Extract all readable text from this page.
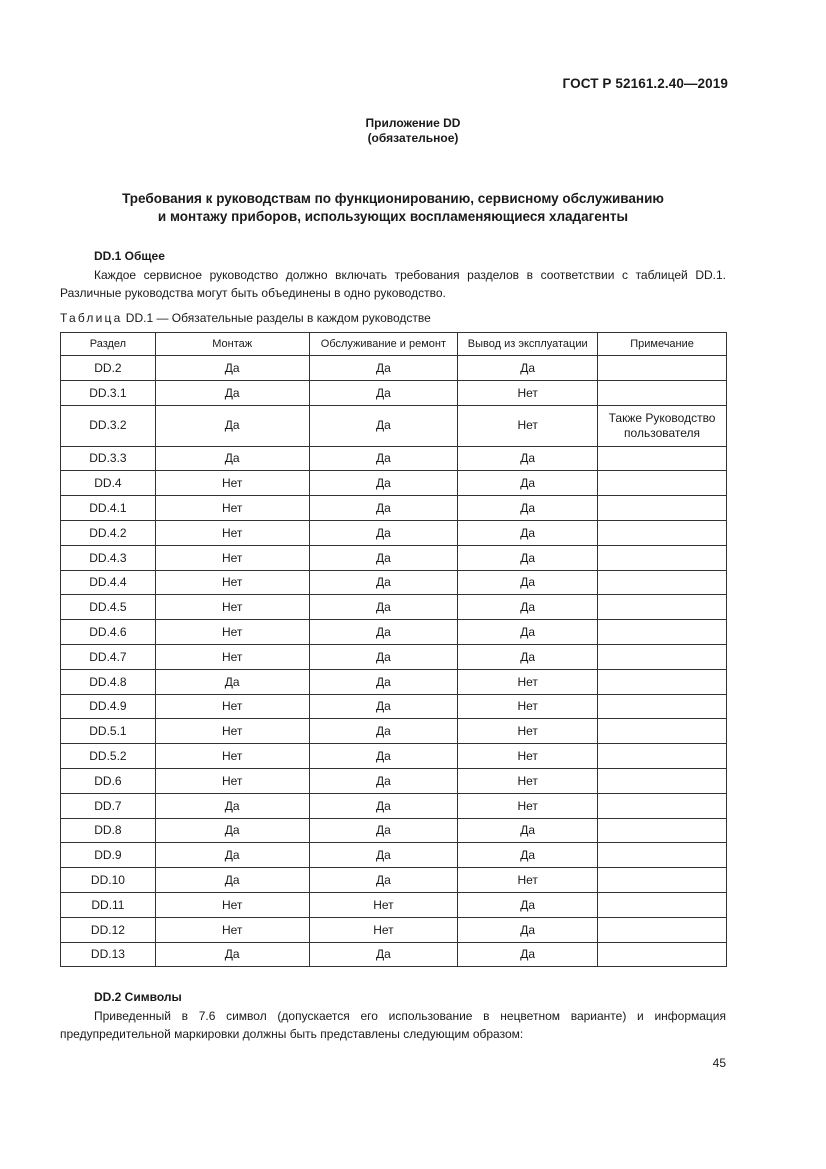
ГОСТ Р 52161.2.40—2019
Приложение DD
(обязательное)
Требования к руководствам по функционированию, сервисному обслуживанию
и монтажу приборов, использующих воспламеняющиеся хладагенты
DD.1 Общее
Каждое сервисное руководство должно включать требования разделов в соответствии с таблицей DD.1. Различные руководства могут быть объединены в одно руководство.
Таблица DD.1 — Обязательные разделы в каждом руководстве
Раздел	Монтаж	Обслуживание и ремонт	Вывод из эксплуатации	Примечание
DD.2	Да	Да	Да	
DD.3.1	Да	Да	Нет	
DD.3.2	Да	Да	Нет	Также Руководство пользователя
DD.3.3	Да	Да	Да	
DD.4	Нет	Да	Да	
DD.4.1	Нет	Да	Да	
DD.4.2	Нет	Да	Да	
DD.4.3	Нет	Да	Да	
DD.4.4	Нет	Да	Да	
DD.4.5	Нет	Да	Да	
DD.4.6	Нет	Да	Да	
DD.4.7	Нет	Да	Да	
DD.4.8	Да	Да	Нет	
DD.4.9	Нет	Да	Нет	
DD.5.1	Нет	Да	Нет	
DD.5.2	Нет	Да	Нет	
DD.6	Нет	Да	Нет	
DD.7	Да	Да	Нет	
DD.8	Да	Да	Да	
DD.9	Да	Да	Да	
DD.10	Да	Да	Нет	
DD.11	Нет	Нет	Да	
DD.12	Нет	Нет	Да	
DD.13	Да	Да	Да	
DD.2 Символы
Приведенный в 7.6 символ (допускается его использование в нецветном варианте) и информация предупредительной маркировки должны быть представлены следующим образом:
45
